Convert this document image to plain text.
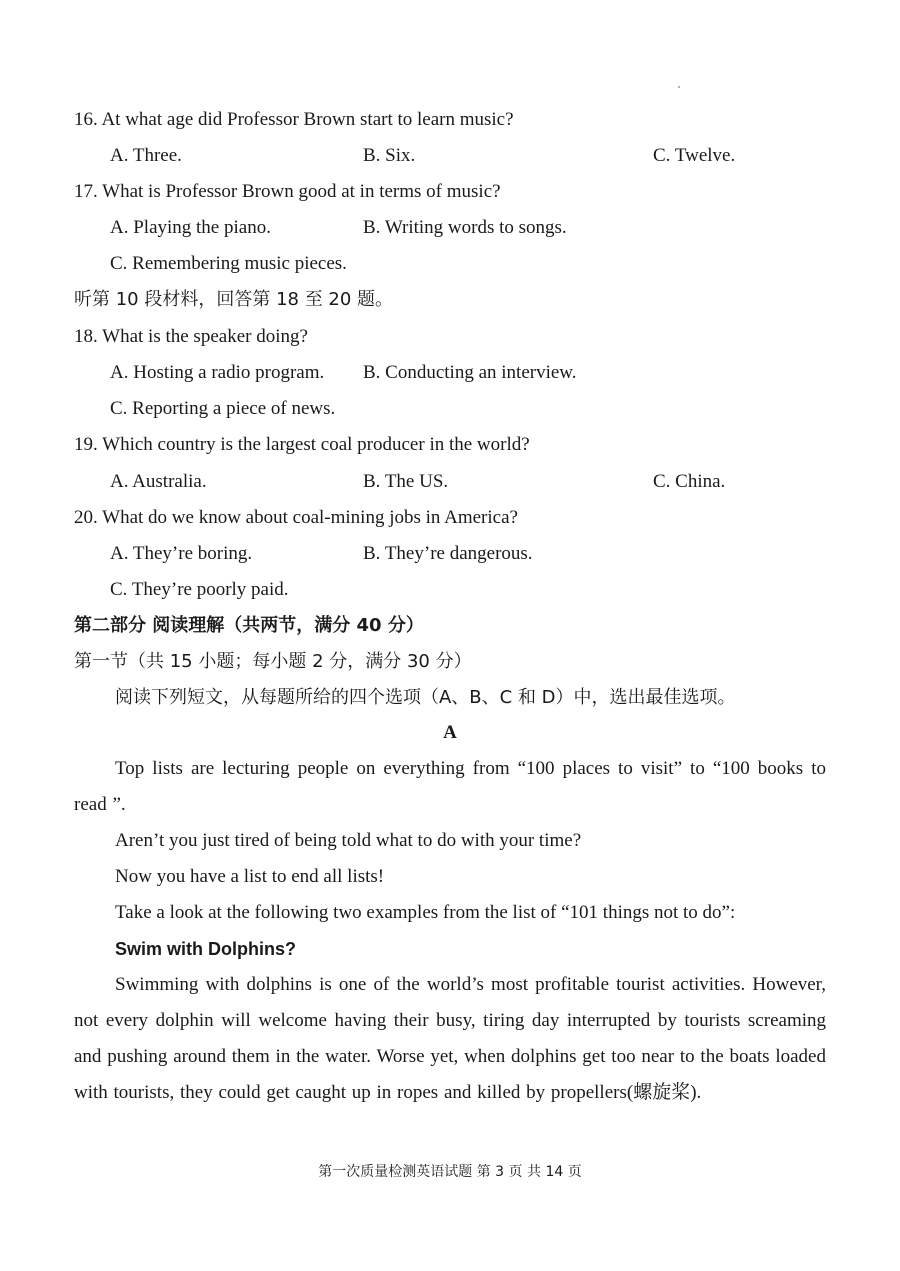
16. At what age did Professor Brown start to learn music?
A. Three.	B. Six.	C. Twelve.
17. What is Professor Brown good at in terms of music?
A. Playing the piano.	B. Writing words to songs.
C. Remembering music pieces.
听第 10 段材料，回答第 18 至 20 题。
18. What is the speaker doing?
A. Hosting a radio program. B. Conducting an interview.
C. Reporting a piece of news.
19. Which country is the largest coal producer in the world?
A. Australia.	B. The US.	C. China.
20. What do we know about coal-mining jobs in America?
A. They’re boring.	B. They’re dangerous.
C. They’re poorly paid.
第二部分 阅读理解（共两节，满分 40 分）
第一节（共 15 小题；每小题 2 分，满分 30 分）
阅读下列短文，从每题所给的四个选项（A、B、C 和 D）中，选出最佳选项。
A
Top lists are lecturing people on everything from “100 places to visit” to “100 books to read ”.
Aren’t you just tired of being told what to do with your time?
Now you have a list to end all lists!
Take a look at the following two examples from the list of “101 things not to do”:
Swim with Dolphins?
Swimming with dolphins is one of the world’s most profitable tourist activities. However, not every dolphin will welcome having their busy, tiring day interrupted by tourists screaming and pushing around them in the water. Worse yet, when dolphins get too near to the boats loaded with tourists, they could get caught up in ropes and killed by propellers(螺旋桨).
第一次质量检测英语试题 第 3 页 共 14 页
